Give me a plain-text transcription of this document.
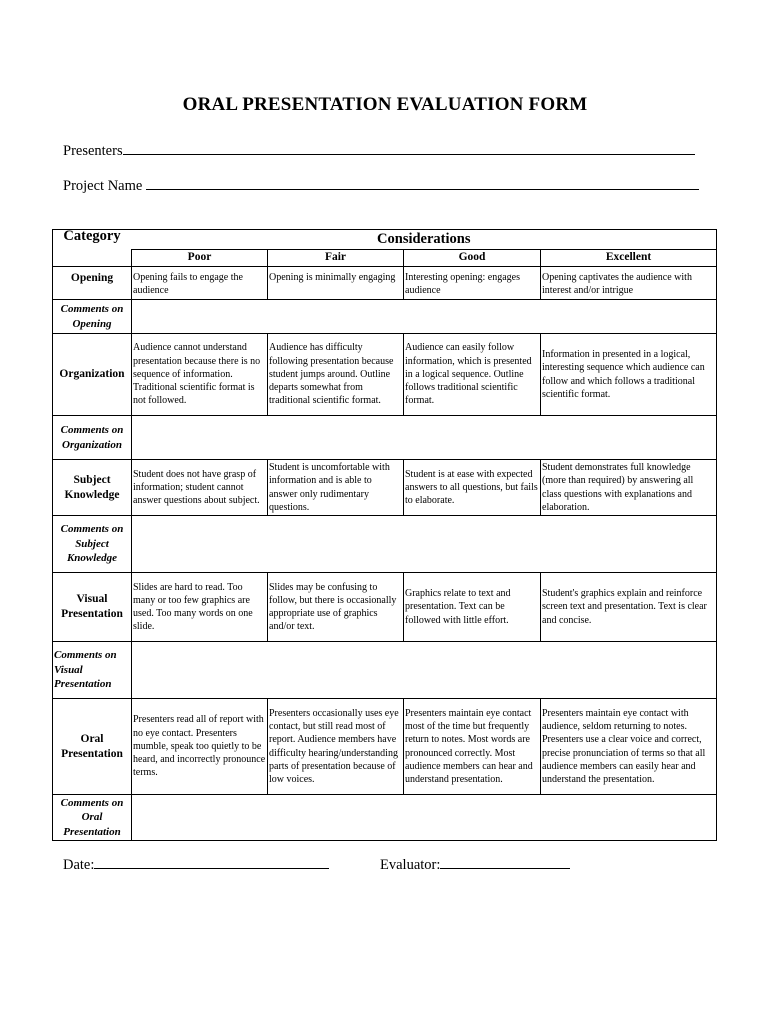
ORAL PRESENTATION EVALUATION FORM
Presenters
Project Name
Category	Considerations			
	Poor	Fair	Good	Excellent
Opening	Opening fails to engage the audience	Opening is minimally engaging	Interesting opening: engages audience	Opening captivates the audience with interest and/or intrigue
Comments on Opening				
Organization	Audience cannot understand presentation because there is no sequence of information. Traditional scientific format is not followed.	Audience has difficulty following presentation because student jumps around. Outline departs somewhat from traditional scientific format.	Audience can easily follow information, which is presented in a logical sequence. Outline follows traditional scientific format.	Information in presented in a logical, interesting sequence which audience can follow and which follows a traditional scientific format.
Comments on Organization				
Subject Knowledge	Student does not have grasp of information; student cannot answer questions about subject.	Student is uncomfortable with information and is able to answer only rudimentary questions.	Student is at ease with expected answers to all questions, but fails to elaborate.	Student demonstrates full knowledge (more than required) by answering all class questions with explanations and elaboration.
Comments on Subject Knowledge				
Visual Presentation	Slides are hard to read. Too many or too few graphics are used. Too many words on one slide.	Slides may be confusing to follow, but there is occasionally appropriate use of graphics and/or text.	Graphics relate to text and presentation. Text can be followed with little effort.	Student's graphics explain and reinforce screen text and presentation. Text is clear and concise.
Comments on Visual Presentation				
Oral Presentation	Presenters read all of report with no eye contact. Presenters mumble, speak too quietly to be heard, and incorrectly pronounce terms.	Presenters occasionally uses eye contact, but still read most of report. Audience members have difficulty hearing/understanding parts of presentation because of low voices.	Presenters maintain eye contact most of the time but frequently return to notes. Most words are pronounced correctly. Most audience members can hear and understand presentation.	Presenters maintain eye contact with audience, seldom returning to notes. Presenters use a clear voice and correct, precise pronunciation of terms so that all audience members can easily hear and understand the presentation.
Comments on Oral Presentation				
Date:	Evaluator:
